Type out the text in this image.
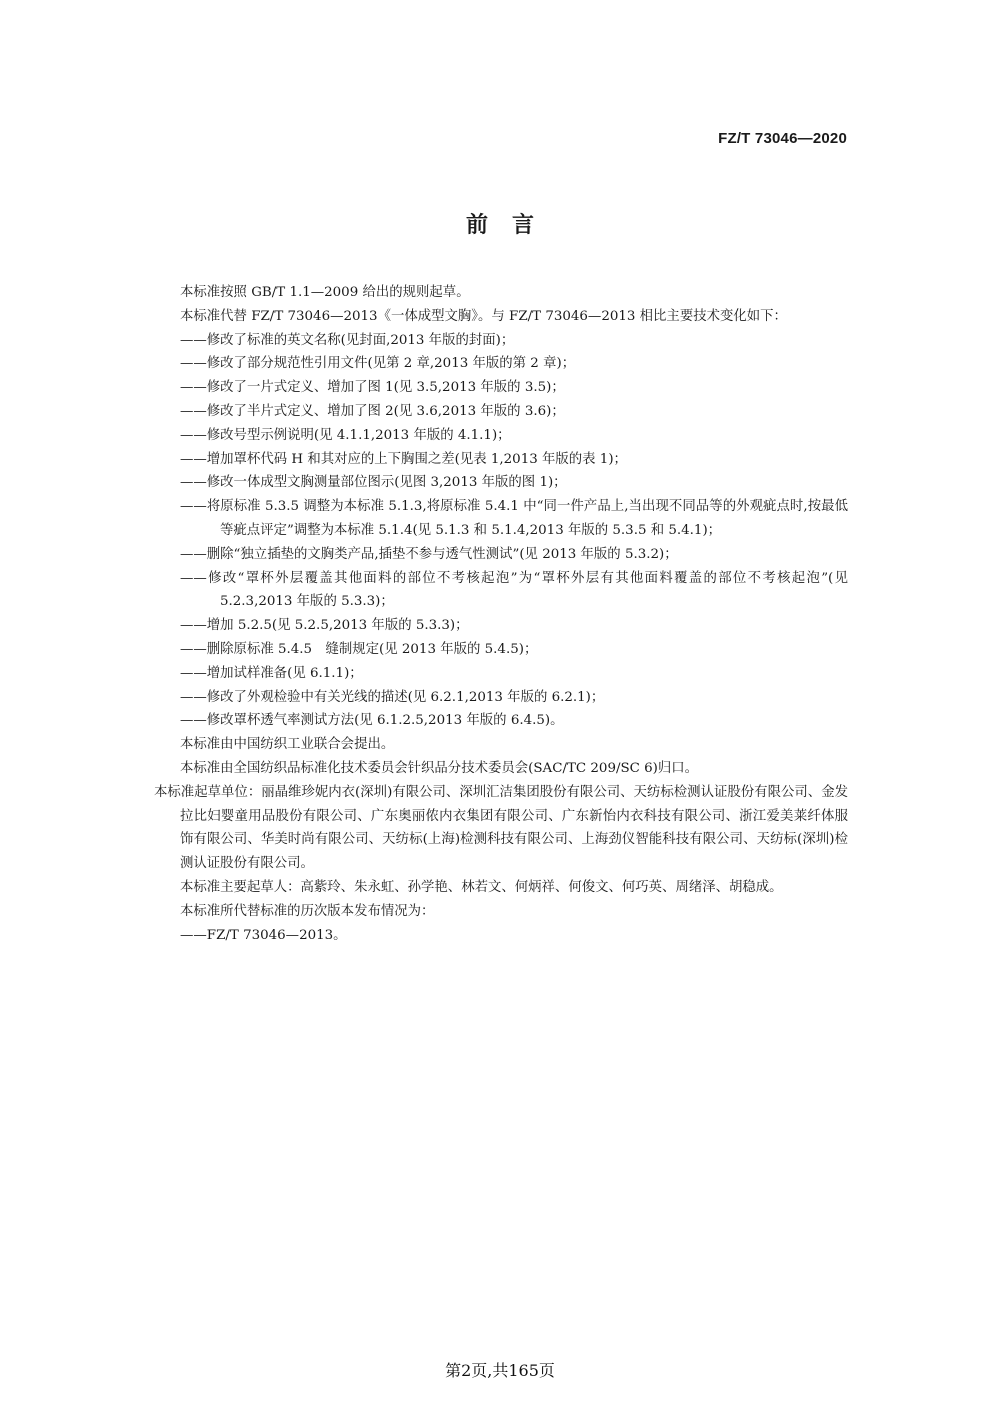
FZ/T 73046—2020
前言

本标准按照 GB/T 1.1—2009 给出的规则起草。

本标准代替 FZ/T 73046—2013《一体成型文胸》。与 FZ/T 73046—2013 相比主要技术变化如下：

——修改了标准的英文名称(见封面,2013 年版的封面)；

——修改了部分规范性引用文件(见第 2 章,2013 年版的第 2 章)；

——修改了一片式定义、增加了图 1(见 3.5,2013 年版的 3.5)；

——修改了半片式定义、增加了图 2(见 3.6,2013 年版的 3.6)；

——修改号型示例说明(见 4.1.1,2013 年版的 4.1.1)；

——增加罩杯代码 H 和其对应的上下胸围之差(见表 1,2013 年版的表 1)；

——修改一体成型文胸测量部位图示(见图 3,2013 年版的图 1)；

——将原标准 5.3.5 调整为本标准 5.1.3,将原标准 5.4.1 中“同一件产品上,当出现不同品等的外观疵点时,按最低等疵点评定”调整为本标准 5.1.4(见 5.1.3 和 5.1.4,2013 年版的 5.3.5 和 5.4.1)；

——删除“独立插垫的文胸类产品,插垫不参与透气性测试”(见 2013 年版的 5.3.2)；

——修改“罩杯外层覆盖其他面料的部位不考核起泡”为“罩杯外层有其他面料覆盖的部位不考核起泡”(见 5.2.3,2013 年版的 5.3.3)；

——增加 5.2.5(见 5.2.5,2013 年版的 5.3.3)；

——删除原标准 5.4.5　缝制规定(见 2013 年版的 5.4.5)；

——增加试样准备(见 6.1.1)；

——修改了外观检验中有关光线的描述(见 6.2.1,2013 年版的 6.2.1)；

——修改罩杯透气率测试方法(见 6.1.2.5,2013 年版的 6.4.5)。

本标准由中国纺织工业联合会提出。

本标准由全国纺织品标准化技术委员会针织品分技术委员会(SAC/TC 209/SC 6)归口。

本标准起草单位：丽晶维珍妮内衣(深圳)有限公司、深圳汇洁集团股份有限公司、天纺标检测认证股份有限公司、金发拉比妇婴童用品股份有限公司、广东奥丽侬内衣集团有限公司、广东新怡内衣科技有限公司、浙江爱美莱纤体服饰有限公司、华美时尚有限公司、天纺标(上海)检测科技有限公司、上海劲仪智能科技有限公司、天纺标(深圳)检测认证股份有限公司。

本标准主要起草人：高紫玲、朱永虹、孙学艳、林若文、何炳祥、何俊文、何巧英、周绪泽、胡稳成。

本标准所代替标准的历次版本发布情况为：

——FZ/T 73046—2013。

第2页,共165页
